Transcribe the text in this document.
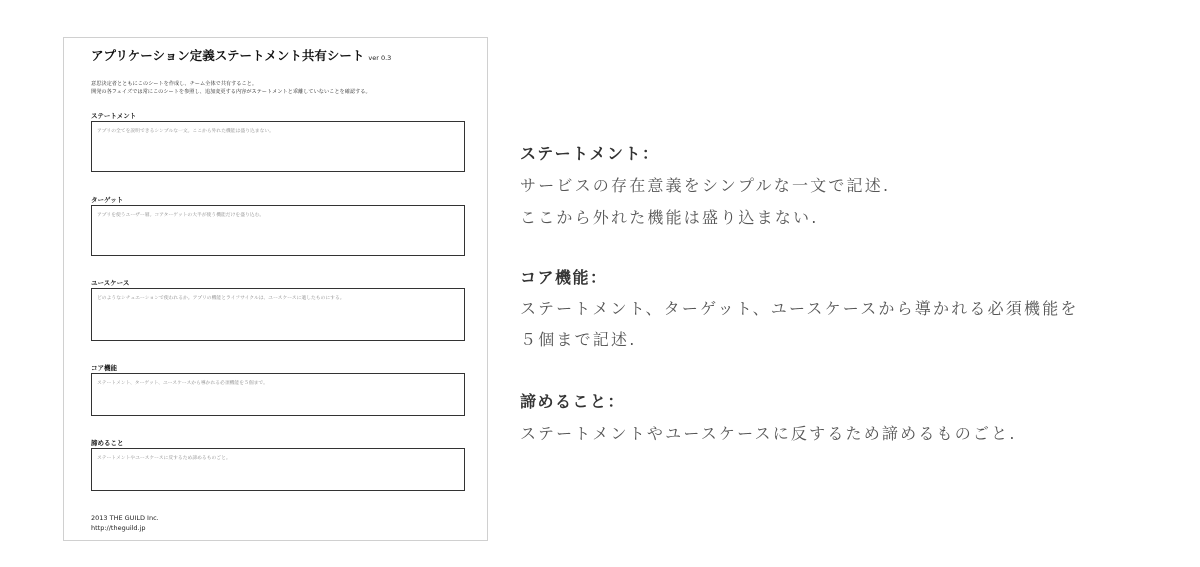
アプリケーション定義ステートメント共有シート ver 0.3
意思決定者とともにこのシートを作成し、チーム全体で共有すること。
開発の各フェイズでは常にこのシートを参照し、追加変更する内容がステートメントと乖離していないことを確認する。
ステートメント
アプリの全てを説明できるシンプルな一文。ここから外れた機能は盛り込まない。
ターゲット
アプリを使うユーザー層。コアターゲットの大半が使う機能だけを盛り込む。
ユースケース
どのようなシチュエーションで使われるか。アプリの機能とライフサイクルは、ユースケースに適したものにする。
コア機能
ステートメント、ターゲット、ユースケースから導かれる必須機能を５個まで。
諦めること
ステートメントやユースケースに反するため諦めるものごと。
2013 THE GUILD Inc.
http://theguild.jp
ステートメント：
サービスの存在意義をシンプルな一文で記述.
ここから外れた機能は盛り込まない.
コア機能：
ステートメント、ターゲット、ユースケースから導かれる必須機能を
５個まで記述.
諦めること：
ステートメントやユースケースに反するため諦めるものごと.
